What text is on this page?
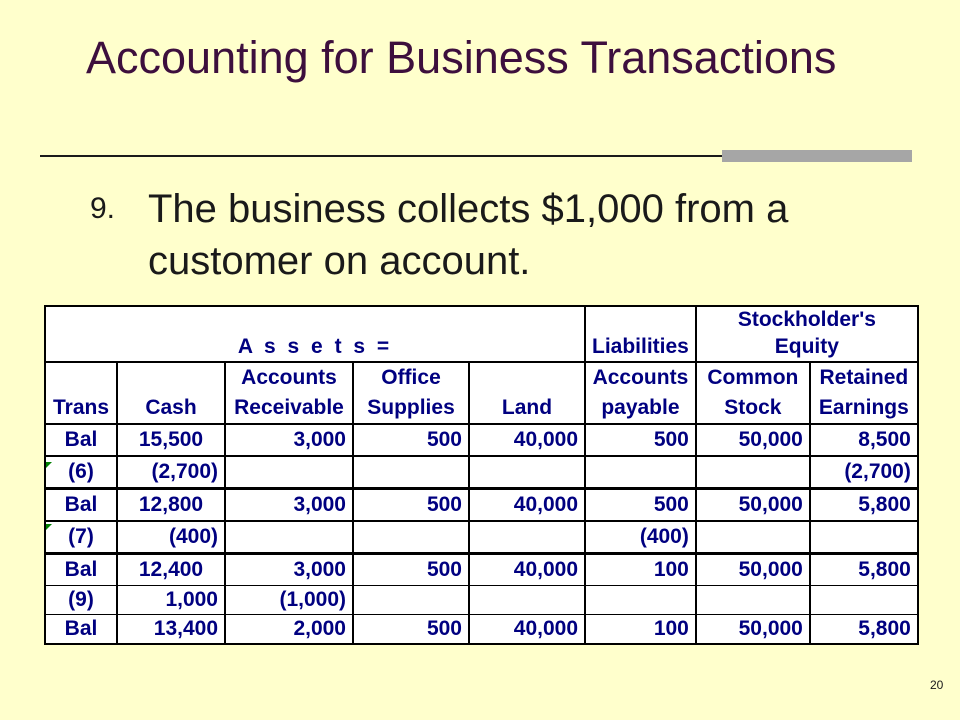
Accounting for Business Transactions
9. The business collects $1,000 from a customer on account.
						Stockholder's	
A s s e t s =					Liabilities	Equity	
		Accounts	Office		Accounts	Common	Retained
Trans	Cash	Receivable	Supplies	Land	payable	Stock	Earnings
Bal	15,500	3,000	500	40,000	500	50,000	8,500
(6)	(2,700)						(2,700)
Bal	12,800	3,000	500	40,000	500	50,000	5,800
(7)	(400)				(400)		
Bal	12,400	3,000	500	40,000	100	50,000	5,800
(9)	1,000	(1,000)					
Bal	13,400	2,000	500	40,000	100	50,000	5,800
20
